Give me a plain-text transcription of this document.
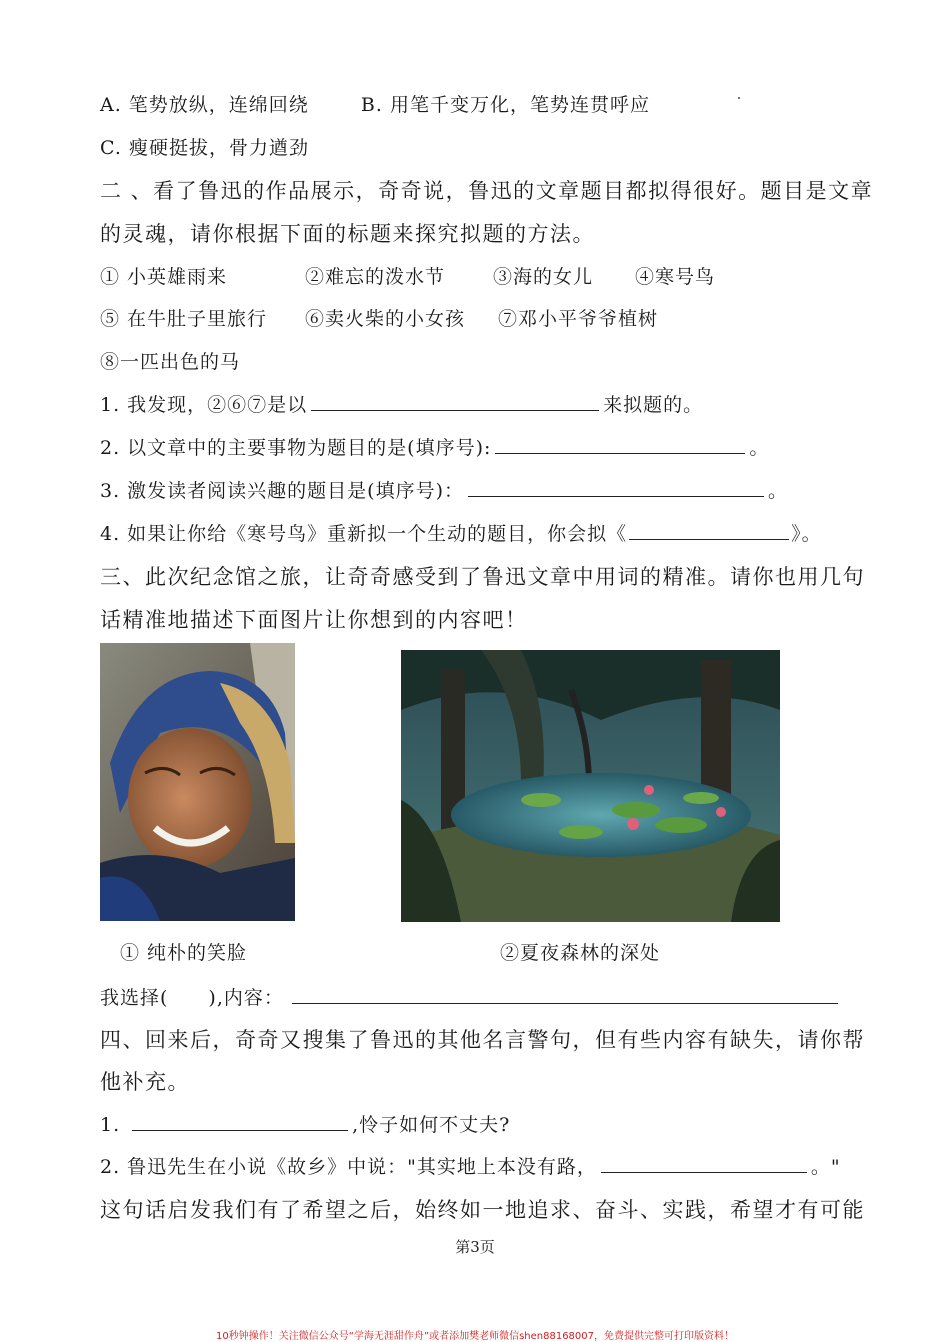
A. 笔势放纵，连绵回绕	B. 用笔千变万化，笔势连贯呼应
C. 瘦硬挺拔，骨力遒劲
二 、看了鲁迅的作品展示，奇奇说，鲁迅的文章题目都拟得很好。题目是文章
的灵魂，请你根据下面的标题来探究拟题的方法。
① 小英雄雨来	②难忘的泼水节	③海的女儿 ④寒号鸟
⑤ 在牛肚子里旅行 ⑥卖火柴的小女孩 ⑦邓小平爷爷植树
⑧一匹出色的马
1. 我发现，②⑥⑦是以	来拟题的。
2. 以文章中的主要事物为题目的是(填序号):	。
3. 激发读者阅读兴趣的题目是(填序号)：	。
4. 如果让你给《寒号鸟》重新拟一个生动的题目，你会拟《	》。
三、此次纪念馆之旅，让奇奇感受到了鲁迅文章中用词的精准。请你也用几句
话精准地描述下面图片让你想到的内容吧！
① 纯朴的笑脸	②夏夜森林的深处
我选择(　　),内容：
四、回来后，奇奇又搜集了鲁迅的其他名言警句，但有些内容有缺失，请你帮
他补充。
1.	,怜子如何不丈夫?
2. 鲁迅先生在小说《故乡》中说："其实地上本没有路，	。"
这句话启发我们有了希望之后，始终如一地追求、奋斗、实践，希望才有可能
第3页
10秒钟操作！关注微信公众号“学海无涯甜作舟”或者添加樊老师微信shen88168007，免费提供完整可打印版资料！
